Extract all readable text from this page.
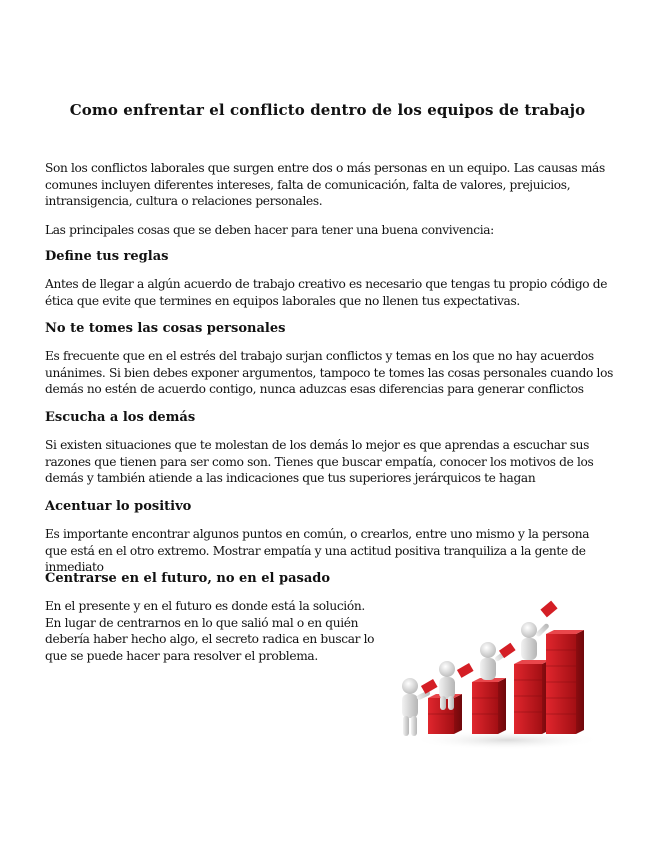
Como enfrentar el conflicto dentro de los equipos de trabajo
Son los conflictos laborales que surgen entre dos o más personas en un equipo. Las causas más comunes incluyen diferentes intereses, falta de comunicación, falta de valores, prejuicios, intransigencia, cultura o relaciones personales.
Las principales cosas que se deben hacer para tener una buena convivencia:
Define tus reglas
Antes de llegar a algún acuerdo de trabajo creativo es necesario que tengas tu propio código de ética que evite que termines en equipos laborales que no llenen tus expectativas.
No te tomes las cosas personales
Es frecuente que en el estrés del trabajo surjan conflictos y temas en los que no hay acuerdos unánimes. Si bien debes exponer argumentos, tampoco te tomes las cosas personales cuando los demás no estén de acuerdo contigo, nunca aduzcas esas diferencias para generar conflictos
Escucha a los demás
Si existen situaciones que te molestan de los demás lo mejor es que aprendas a escuchar sus razones que tienen para ser como son. Tienes que buscar empatía, conocer los motivos de los demás y también atiende a las indicaciones que tus superiores jerárquicos te hagan
Acentuar lo positivo
Es importante encontrar algunos puntos en común, o crearlos, entre uno mismo y la persona que está en el otro extremo. Mostrar empatía y una actitud positiva tranquiliza a la gente de inmediato
Centrarse en el futuro, no en el pasado
En el presente y en el futuro es donde está la solución. En lugar de centrarnos en lo que salió mal o en quién debería haber hecho algo, el secreto radica en buscar lo que se puede hacer para resolver el problema.
